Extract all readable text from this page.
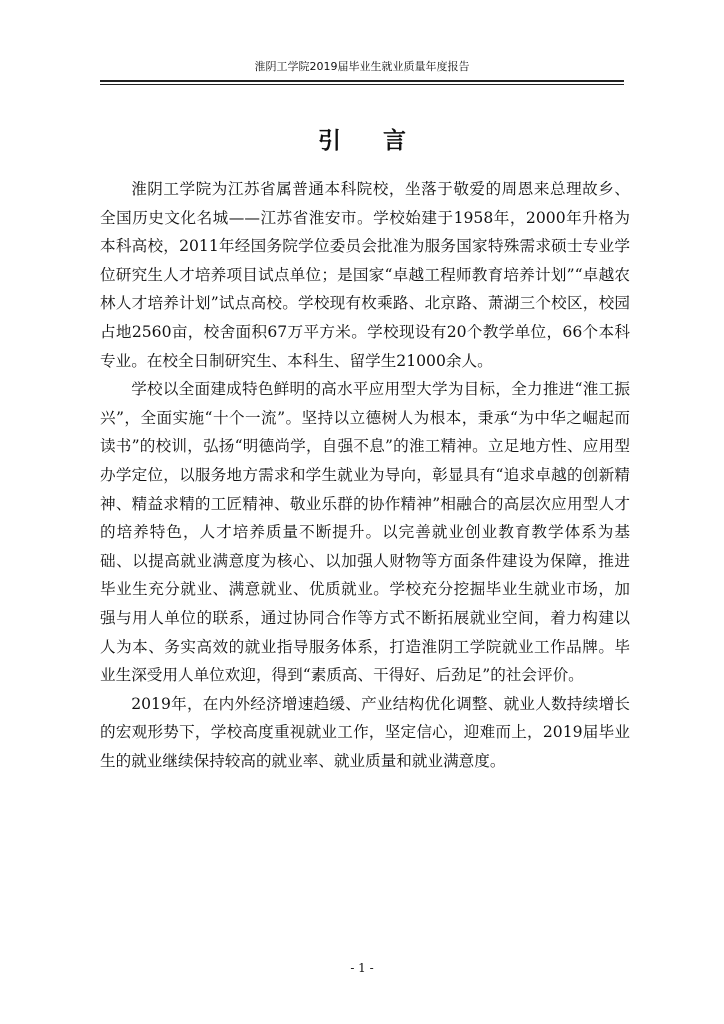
淮阴工学院2019届毕业生就业质量年度报告
引言

淮阴工学院为江苏省属普通本科院校，坐落于敬爱的周恩来总理故乡、全国历史文化名城——江苏省淮安市。学校始建于1958年，2000年升格为本科高校，2011年经国务院学位委员会批准为服务国家特殊需求硕士专业学位研究生人才培养项目试点单位；是国家“卓越工程师教育培养计划”“卓越农林人才培养计划”试点高校。学校现有枚乘路、北京路、萧湖三个校区，校园占地2560亩，校舍面积67万平方米。学校现设有20个教学单位，66个本科专业。在校全日制研究生、本科生、留学生21000余人。

学校以全面建成特色鲜明的高水平应用型大学为目标，全力推进“淮工振兴”，全面实施“十个一流”。坚持以立德树人为根本，秉承“为中华之崛起而读书”的校训，弘扬“明德尚学，自强不息”的淮工精神。立足地方性、应用型办学定位，以服务地方需求和学生就业为导向，彰显具有“追求卓越的创新精神、精益求精的工匠精神、敬业乐群的协作精神”相融合的高层次应用型人才的培养特色，人才培养质量不断提升。以完善就业创业教育教学体系为基础、以提高就业满意度为核心、以加强人财物等方面条件建设为保障，推进毕业生充分就业、满意就业、优质就业。学校充分挖掘毕业生就业市场，加强与用人单位的联系，通过协同合作等方式不断拓展就业空间，着力构建以人为本、务实高效的就业指导服务体系，打造淮阴工学院就业工作品牌。毕业生深受用人单位欢迎，得到“素质高、干得好、后劲足”的社会评价。

2019年，在内外经济增速趋缓、产业结构优化调整、就业人数持续增长的宏观形势下，学校高度重视就业工作，坚定信心，迎难而上，2019届毕业生的就业继续保持较高的就业率、就业质量和就业满意度。

- 1 -
